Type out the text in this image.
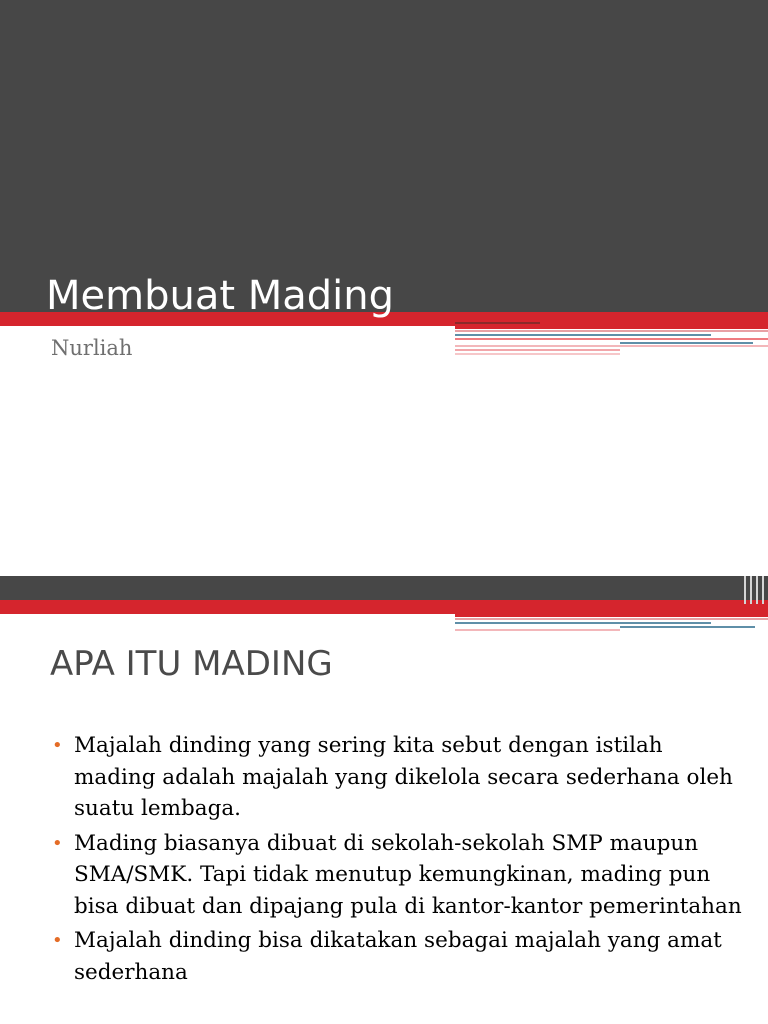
Membuat Mading
Nurliah
APA ITU MADING
• Majalah dinding yang sering kita sebut dengan istilah mading adalah majalah yang dikelola secara sederhana oleh suatu lembaga.
• Mading biasanya dibuat di sekolah-sekolah SMP maupun SMA/SMK. Tapi tidak menutup kemungkinan, mading pun bisa dibuat dan dipajang pula di kantor-kantor pemerintahan
• Majalah dinding bisa dikatakan sebagai majalah yang amat sederhana
